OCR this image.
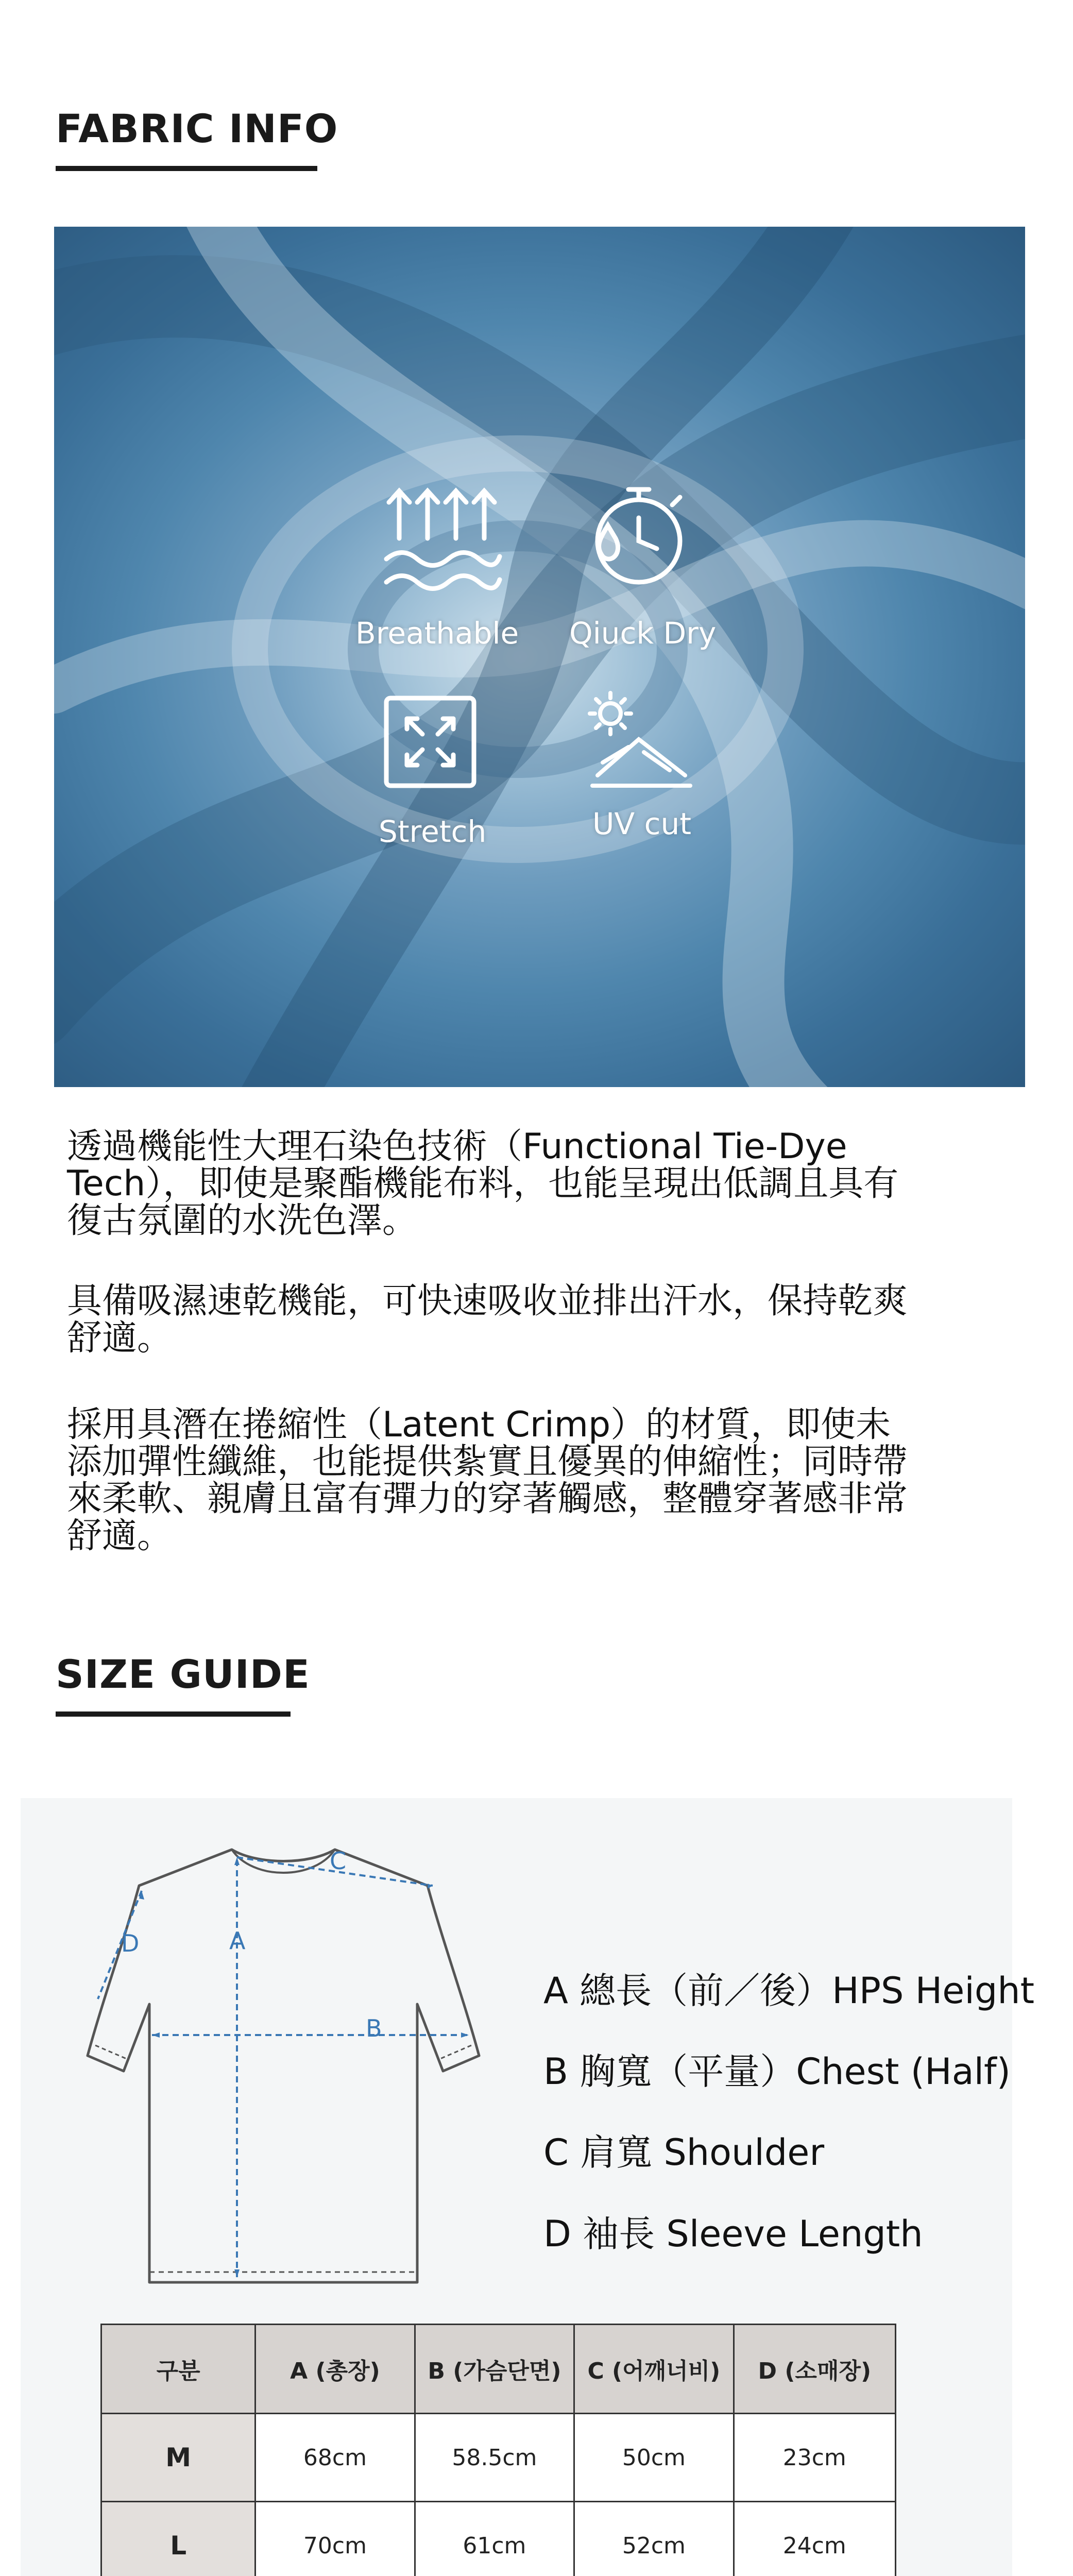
FABRIC INFO
Breathable Qiuck Dry
Stretch	UV cut
透過機能性大理石染色技術（Functional Tie-Dye
Tech），即使是聚酯機能布料，也能呈現出低調且具有
復古氛圍的水洗色澤。
具備吸濕速乾機能，可快速吸收並排出汗水，保持乾爽
舒適。
採用具潛在捲縮性（Latent Crimp）的材質，即使未
添加彈性纖維，也能提供紮實且優異的伸縮性；同時帶
來柔軟、親膚且富有彈力的穿著觸感，整體穿著感非常
舒適。
SIZE GUIDE
C
A
B
D
A 總長（前／後）HPS Height
B 胸寬（平量）Chest (Half)
C 肩寬 Shoulder
D 袖長 Sleeve Length
구분	A (총장)	B (가슴단면)	C (어깨너비)	D (소매장)
M	68cm	58.5cm	50cm	23cm
L	70cm	61cm	52cm	24cm
